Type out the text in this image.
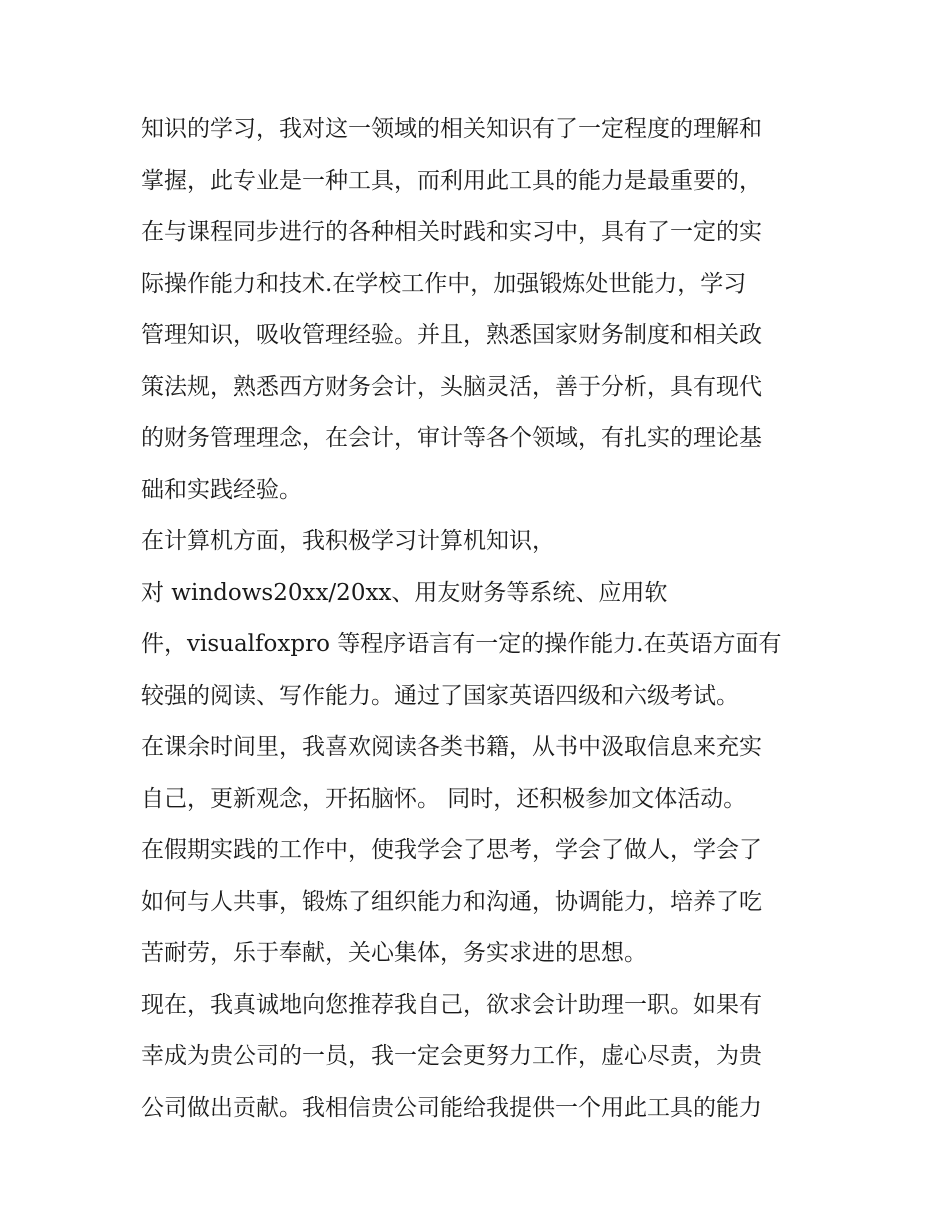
知识的学习，我对这一领域的相关知识有了一定程度的理解和
掌握，此专业是一种工具，而利用此工具的能力是最重要的，
在与课程同步进行的各种相关时践和实习中，具有了一定的实
际操作能力和技术.在学校工作中，加强锻炼处世能力，学习
管理知识，吸收管理经验。并且，熟悉国家财务制度和相关政
策法规，熟悉西方财务会计，头脑灵活，善于分析，具有现代
的财务管理理念，在会计，审计等各个领域，有扎实的理论基
础和实践经验。
在计算机方面，我积极学习计算机知识，
对 windows20xx/20xx、用友财务等系统、应用软
件，visualfoxpro 等程序语言有一定的操作能力.在英语方面有
较强的阅读、写作能力。通过了国家英语四级和六级考试。
在课余时间里，我喜欢阅读各类书籍，从书中汲取信息来充实
自己，更新观念，开拓脑怀。 同时，还积极参加文体活动。
在假期实践的工作中，使我学会了思考，学会了做人，学会了
如何与人共事，锻炼了组织能力和沟通，协调能力，培养了吃
苦耐劳，乐于奉献，关心集体，务实求进的思想。
现在，我真诚地向您推荐我自己，欲求会计助理一职。如果有
幸成为贵公司的一员，我一定会更努力工作，虚心尽责，为贵
公司做出贡献。我相信贵公司能给我提供一个用此工具的能力
